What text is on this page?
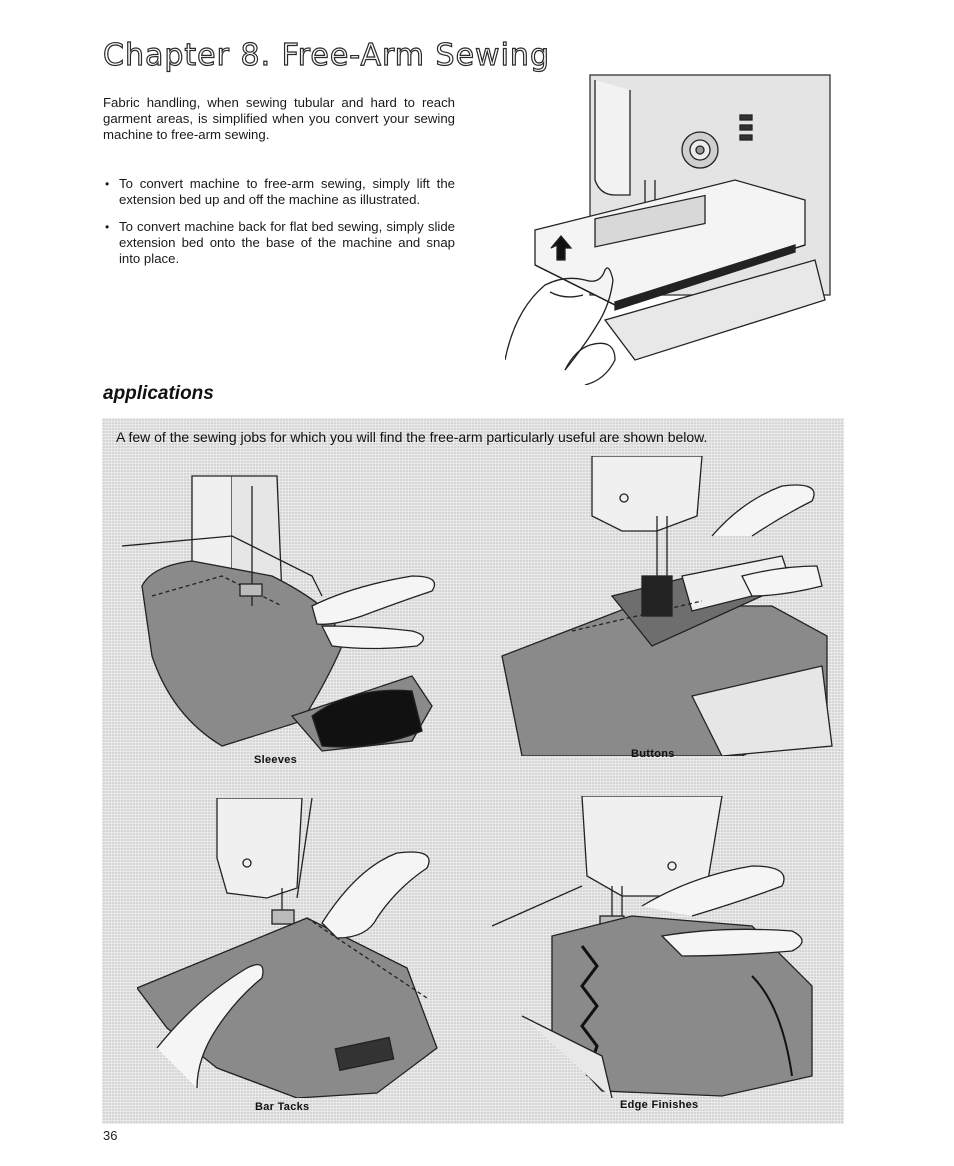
Chapter 8. Free-Arm Sewing

Fabric handling, when sewing tubular and hard to reach garment areas, is simplified when you convert your sewing machine to free-arm sewing.

• To convert machine to free-arm sewing, simply lift the extension bed up and off the machine as illustrated.
• To convert machine back for flat bed sewing, simply slide extension bed onto the base of the machine and snap into place.
applications

A few of the sewing jobs for which you will find the free-arm particularly useful are shown below.

Sleeves	Buttons
Bar Tacks	Edge Finishes
36
